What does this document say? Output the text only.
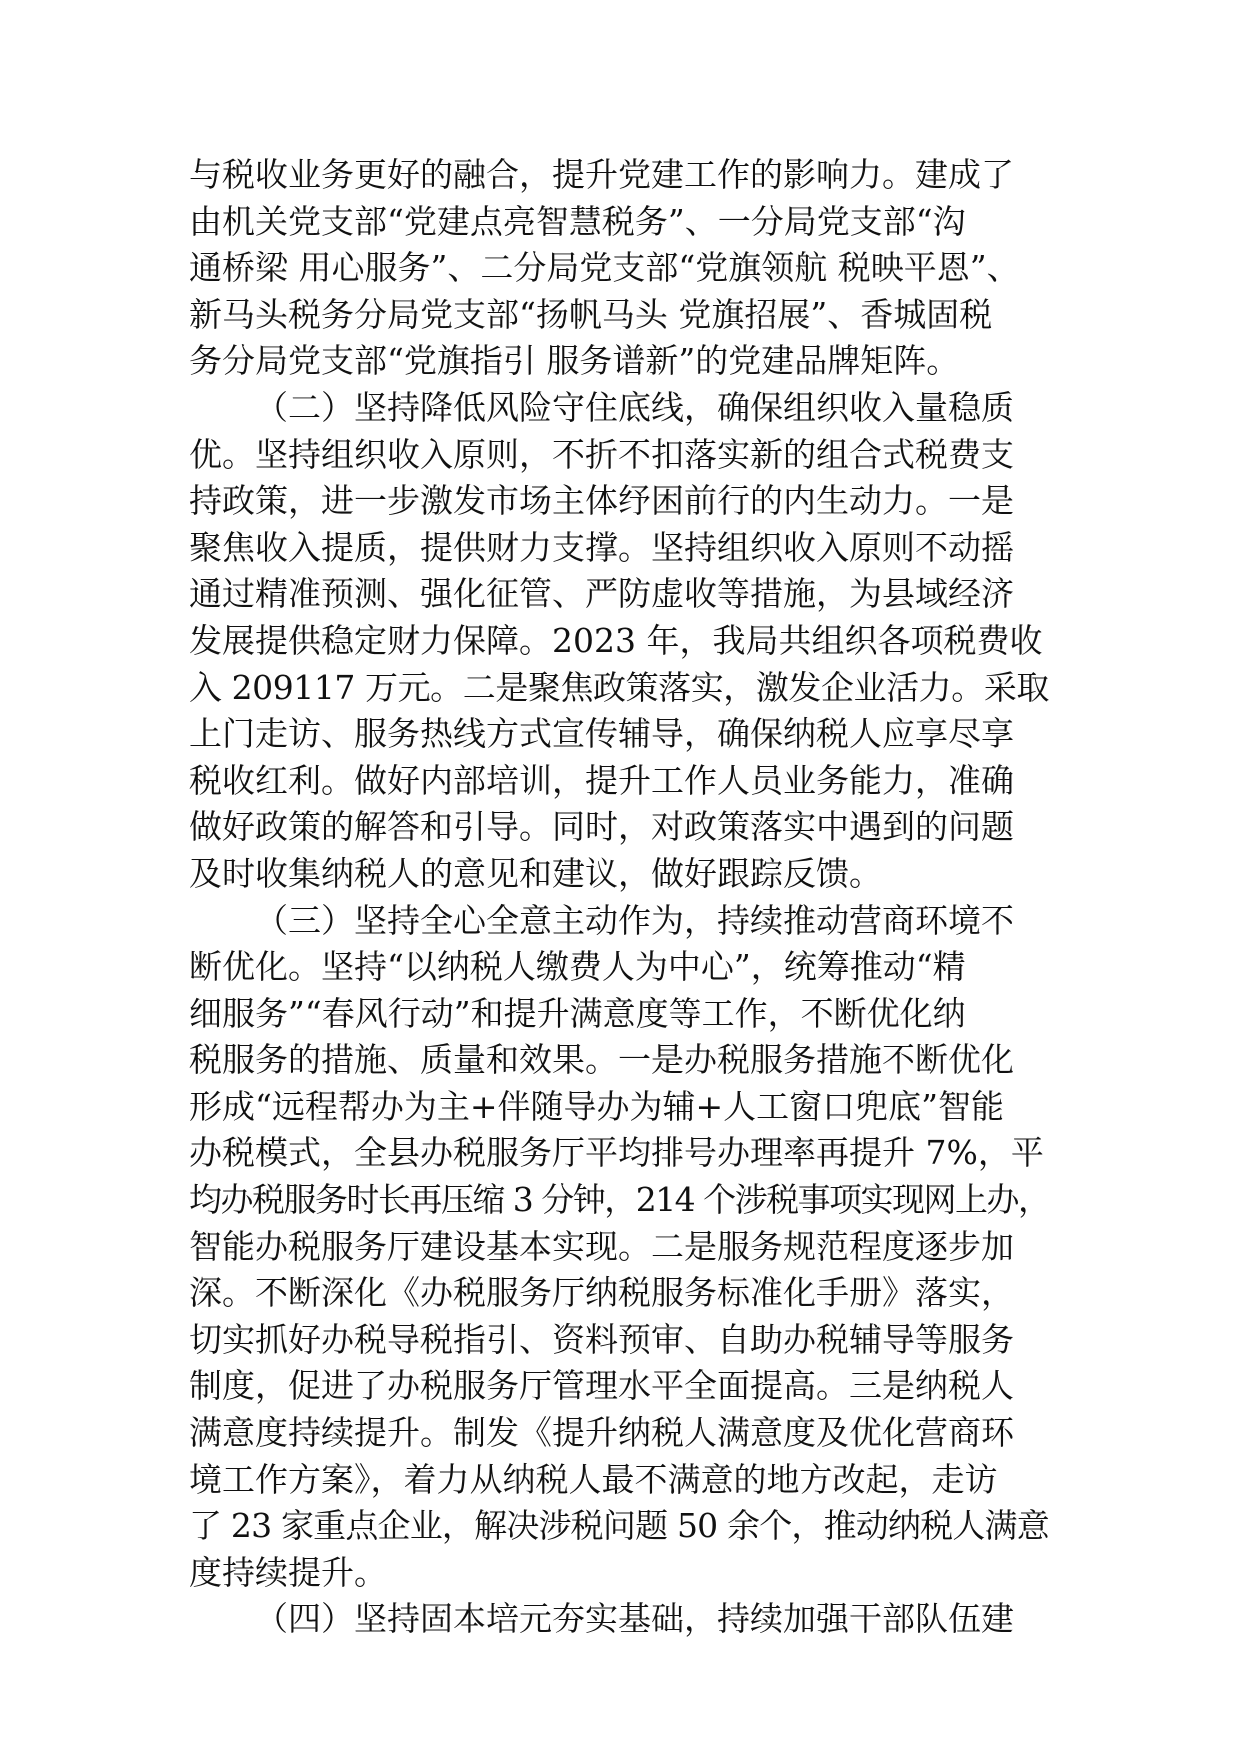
与税收业务更好的融合，提升党建工作的影响力。建成了
由机关党支部“党建点亮智慧税务”、一分局党支部“沟
通桥梁 用心服务”、二分局党支部“党旗领航 税映平恩”、
新马头税务分局党支部“扬帆马头 党旗招展”、香城固税
务分局党支部“党旗指引 服务谱新”的党建品牌矩阵。
（二）坚持降低风险守住底线，确保组织收入量稳质
优。坚持组织收入原则，不折不扣落实新的组合式税费支
持政策，进一步激发市场主体纾困前行的内生动力。一是
聚焦收入提质，提供财力支撑。坚持组织收入原则不动摇
通过精准预测、强化征管、严防虚收等措施，为县域经济
发展提供稳定财力保障。2023 年，我局共组织各项税费收
入 209117 万元。二是聚焦政策落实，激发企业活力。采取
上门走访、服务热线方式宣传辅导，确保纳税人应享尽享
税收红利。做好内部培训，提升工作人员业务能力，准确
做好政策的解答和引导。同时，对政策落实中遇到的问题
及时收集纳税人的意见和建议，做好跟踪反馈。
（三）坚持全心全意主动作为，持续推动营商环境不
断优化。坚持“以纳税人缴费人为中心”，统筹推动“精
细服务”“春风行动”和提升满意度等工作，不断优化纳
税服务的措施、质量和效果。一是办税服务措施不断优化
形成“远程帮办为主+伴随导办为辅+人工窗口兜底”智能
办税模式，全县办税服务厅平均排号办理率再提升 7%，平
均办税服务时长再压缩 3 分钟，214 个涉税事项实现网上办，
智能办税服务厅建设基本实现。二是服务规范程度逐步加
深。不断深化《办税服务厅纳税服务标准化手册》落实，
切实抓好办税导税指引、资料预审、自助办税辅导等服务
制度，促进了办税服务厅管理水平全面提高。三是纳税人
满意度持续提升。制发《提升纳税人满意度及优化营商环
境工作方案》，着力从纳税人最不满意的地方改起，走访
了 23 家重点企业，解决涉税问题 50 余个，推动纳税人满意
度持续提升。
（四）坚持固本培元夯实基础，持续加强干部队伍建
